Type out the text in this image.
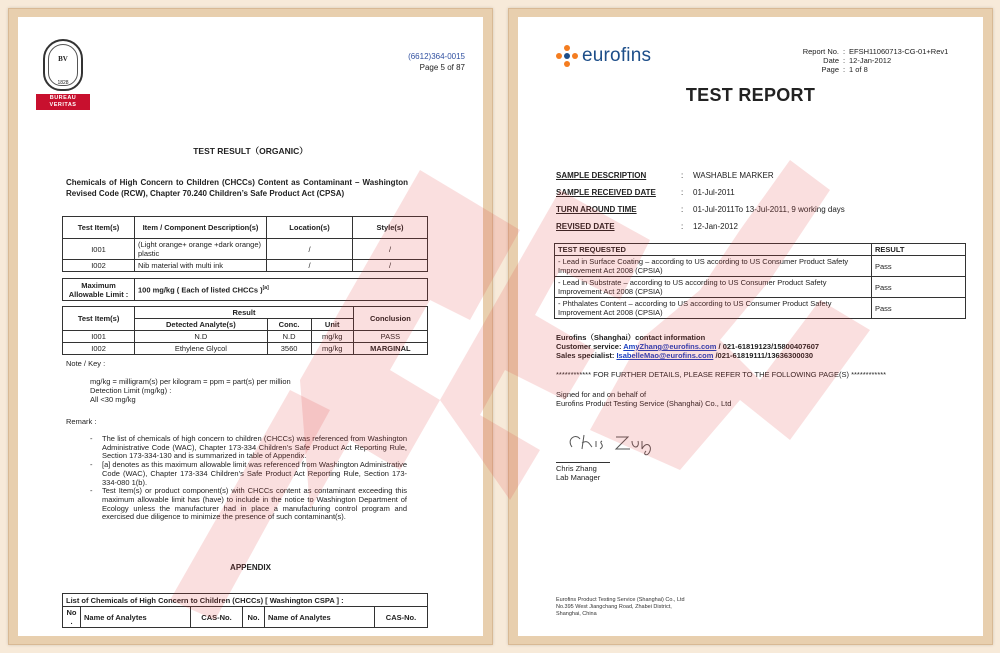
BV
1828
BUREAU
VERITAS
(6612)364-0015
Page 5 of 87
TEST RESULT（ORGANIC）
Chemicals of High Concern to Children (CHCCs) Content as Contaminant – Washington Revised Code (RCW), Chapter 70.240 Children’s Safe Product Act (CPSA)
Test Item(s)	Item / Component Description(s)	Location(s)	Style(s)
I001	(Light orange+ orange +dark orange) plastic	/	/
I002	Nib material with multi ink	/	/
Maximum Allowable Limit :	100 mg/kg ( Each of listed CHCCs )[a]
Test Item(s)	Result			Conclusion
	Detected Analyte(s)	Conc.	Unit	
I001	N.D	N.D	mg/kg	PASS
I002	Ethylene Glycol	3560	mg/kg	MARGINAL
Note / Key :
mg/kg = milligram(s) per kilogram = ppm = part(s) per million
Detection Limit (mg/kg) :
All <30 mg/kg
Remark :
- The list of chemicals of high concern to children (CHCCs) was referenced from Washington Administrative Code (WAC), Chapter 173-334 Children’s Safe Product Act Reporting Rule, Section 173-334-130 and is summarized in table of Appendix.
- [a] denotes as this maximum allowable limit was referenced from Washington Administrative Code (WAC), Chapter 173-334 Children’s Safe Product Act Reporting Rule, Section 173-334-080 1(b).
- Test Item(s) or product component(s) with CHCCs content as contaminant exceeding this maximum allowable limit has (have) to include in the notice to Washington Department of Ecology unless the manufacturer had in place a manufacturing control program and exercised due diligence to minimize the presence of such contaminant(s).
APPENDIX
List of Chemicals of High Concern to Children (CHCCs) [ Washington CSPA ] :
No .	Name of Analytes	CAS-No.	No.	Name of Analytes	CAS-No.
eurofins	Report No. : EFSH11060713-CG-01+Rev1
Date : 12-Jan-2012
Page : 1 of 8
TEST REPORT
SAMPLE DESCRIPTION	:	WASHABLE MARKER
SAMPLE RECEIVED DATE	:	01-Jul-2011
TURN AROUND TIME	:	01-Jul-2011To 13-Jul-2011, 9 working days
REVISED DATE	:	12-Jan-2012
TEST REQUESTED	RESULT
- Lead in Surface Coating – according to US according to US Consumer Product Safety Improvement Act 2008 (CPSIA)	Pass
- Lead in Substrate – according to US according to US Consumer Product Safety Improvement Act 2008 (CPSIA)	Pass
- Phthalates Content – according to US according to US Consumer Product Safety Improvement Act 2008 (CPSIA)	Pass
Eurofins（Shanghai）contact information
Customer service: AmyZhang@eurofins.com / 021-61819123/15800407607
Sales specialist: IsabelleMao@eurofins.com /021-61819111/13636300030
************ FOR FURTHER DETAILS, PLEASE REFER TO THE FOLLOWING PAGE(S) ************
Signed for and on behalf of
Eurofins Product Testing Service (Shanghai) Co., Ltd
Chris Zhang
Lab Manager
Eurofins Product Testing Service (Shanghai) Co., Ltd
No.395 West Jiangchang Road, Zhabei District,
Shanghai, China
